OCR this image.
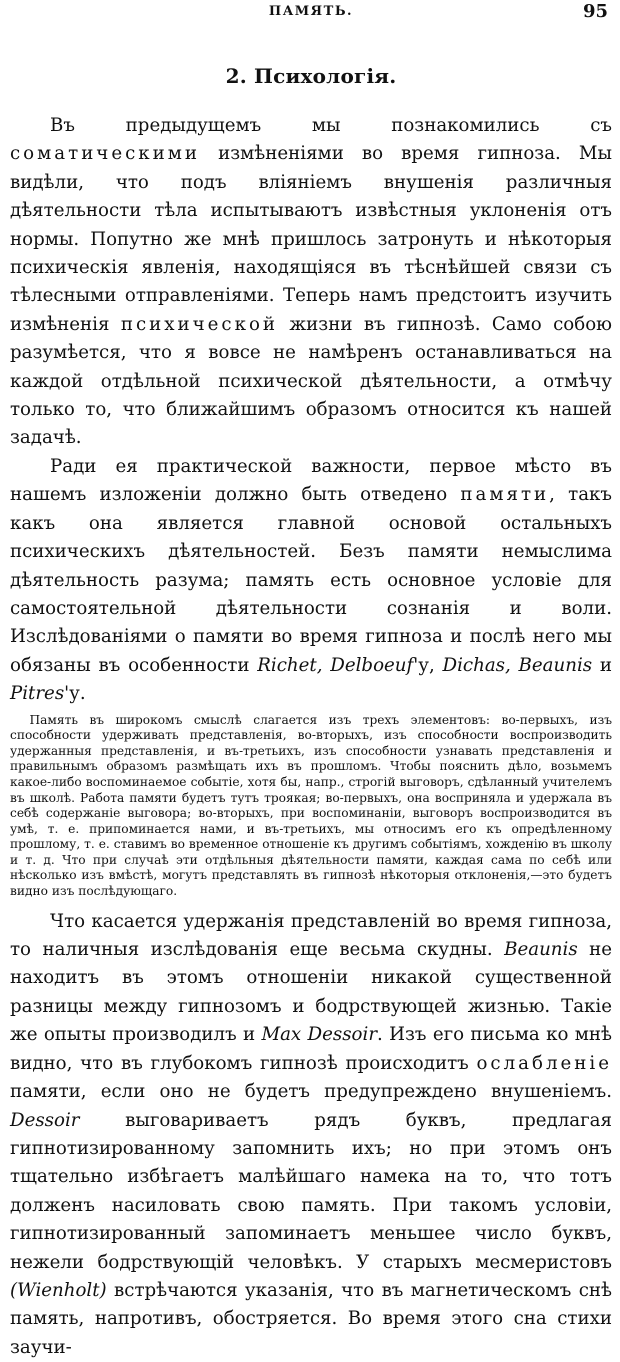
ПАМЯТЬ.	95
2. Психологія.

Въ предыдущемъ мы познакомились съ соматическими измѣненіями во время гипноза. Мы видѣли, что подъ вліяніемъ внушенія различныя дѣятельности тѣла испытываютъ извѣстныя уклоненія отъ нормы. Попутно же мнѣ пришлось затронуть и нѣкоторыя психическія явленія, находящіяся въ тѣснѣйшей связи съ тѣлесными отправленіями. Теперь намъ предстоитъ изучить измѣненія психической жизни въ гипнозѣ. Само собою разумѣется, что я вовсе не намѣренъ останавливаться на каждой отдѣльной психической дѣятельности, а отмѣчу только то, что ближайшимъ образомъ относится къ нашей задачѣ.

Ради ея практической важности, первое мѣсто въ нашемъ изложеніи должно быть отведено памяти, такъ какъ она является главной основой остальныхъ психическихъ дѣятельностей. Безъ памяти немыслима дѣятельность разума; память есть основное условіе для самостоятельной дѣятельности сознанія и воли. Изслѣдованіями о памяти во время гипноза и послѣ него мы обязаны въ особенности Richet, Delboeuf'у, Dichas, Beaunis и Pitres'у.

Память въ широкомъ смыслѣ слагается изъ трехъ элементовъ: во-первыхъ, изъ способности удерживать представленія, во-вторыхъ, изъ способности воспроизводить удержанныя представленія, и въ-третьихъ, изъ способности узнавать представленія и правильнымъ образомъ размѣщать ихъ въ прошломъ. Чтобы пояснить дѣло, возьмемъ какое-либо воспоминаемое событіе, хотя бы, напр., строгій выговоръ, сдѣланный учителемъ въ школѣ. Работа памяти будетъ тутъ троякая; во-первыхъ, она восприняла и удержала въ себѣ содержаніе выговора; во-вторыхъ, при воспоминаніи, выговоръ воспроизводится въ умѣ, т. е. припоминается нами, и въ-третьихъ, мы относимъ его къ опредѣленному прошлому, т. е. ставимъ во временное отношеніе къ другимъ событіямъ, хожденію въ школу и т. д. Что при случаѣ эти отдѣльныя дѣятельности памяти, каждая сама по себѣ или нѣсколько изъ вмѣстѣ, могутъ представлять въ гипнозѣ нѣкоторыя отклоненія,—это будетъ видно изъ послѣдующаго.

Что касается удержанія представленій во время гипноза, то наличныя изслѣдованія еще весьма скудны. Beaunis не находитъ въ этомъ отношеніи никакой существенной разницы между гипнозомъ и бодрствующей жизнью. Такіе же опыты производилъ и Max Dessoir. Изъ его письма ко мнѣ видно, что въ глубокомъ гипнозѣ происходитъ ослабленіе памяти, если оно не будетъ предупреждено внушеніемъ. Dessoir выговариваетъ рядъ буквъ, предлагая гипнотизированному запомнить ихъ; но при этомъ онъ тщательно избѣгаетъ малѣйшаго намека на то, что тотъ долженъ насиловать свою память. При такомъ условіи, гипнотизированный запоминаетъ меньшее число буквъ, нежели бодрствующій человѣкъ. У старыхъ месмеристовъ (Wienholt) встрѣчаются указанія, что въ магнетическомъ снѣ память, напротивъ, обостряется. Во время этого сна стихи заучи-
